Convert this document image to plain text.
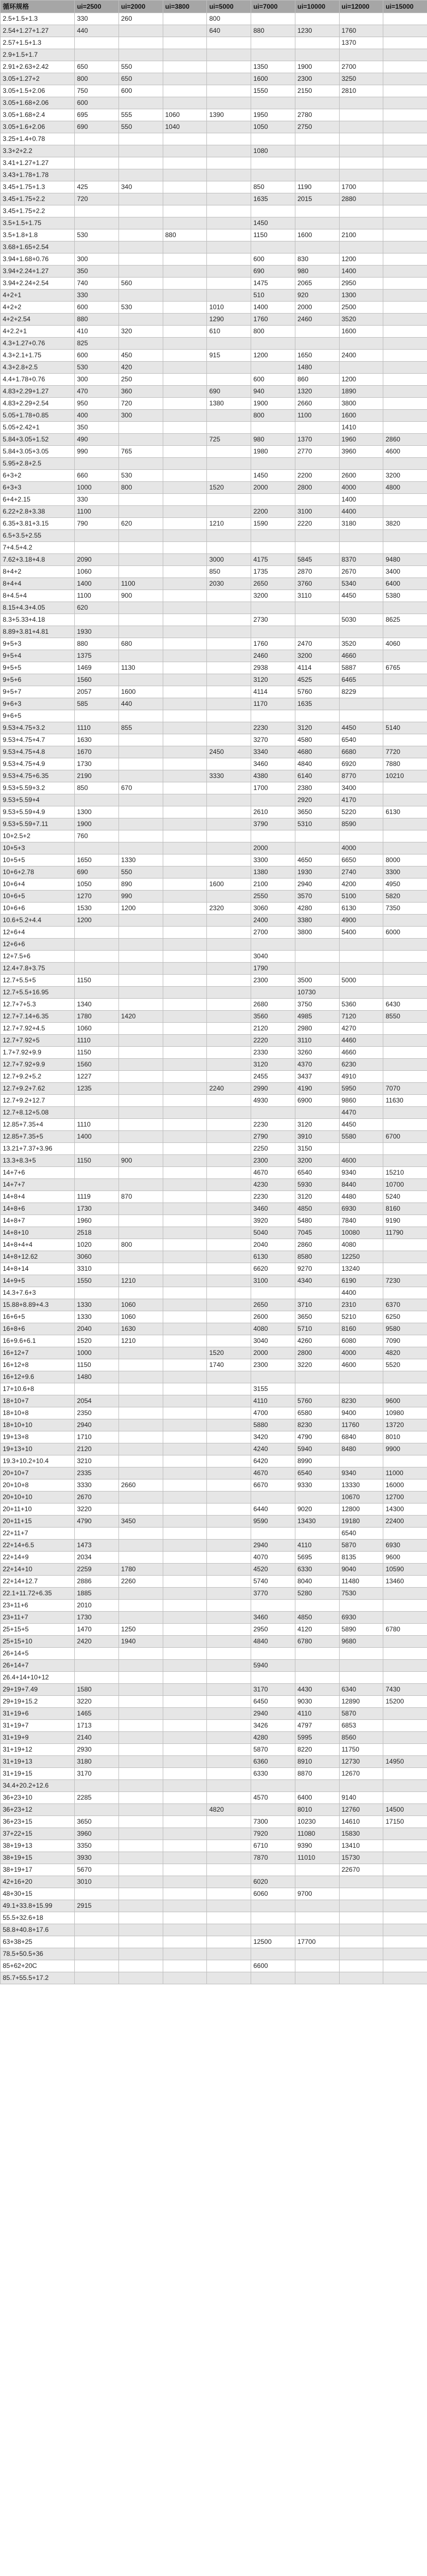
循环规格	ui=2500	ui=2000	ui=3800	ui=5000	ui=7000	ui=10000	ui=12000	ui=15000
2.5+1.5+1.3	330	260		800				
2.54+1.27+1.27	440			640	880	1230	1760	
2.57+1.5+1.3							1370	
2.9+1.5+1.7								
2.91+2.63+2.42	650	550			1350	1900	2700	
3.05+1.27+2	800	650			1600	2300	3250	
3.05+1.5+2.06	750	600			1550	2150	2810	
3.05+1.68+2.06	600							
3.05+1.68+2.4	695	555	1060	1390	1950	2780		
3.05+1.6+2.06	690	550	1040		1050	2750		
3.25+1.4+0.78								
3.3+2+2.2					1080			
3.41+1.27+1.27								
3.43+1.78+1.78								
3.45+1.75+1.3	425	340			850	1190	1700	
3.45+1.75+2.2	720				1635	2015	2880	
3.45+1.75+2.2								
3.5+1.5+1.75					1450			
3.5+1.8+1.8	530		880		1150	1600	2100	
3.68+1.65+2.54								
3.94+1.68+0.76	300				600	830	1200	
3.94+2.24+1.27	350				690	980	1400	
3.94+2.24+2.54	740	560			1475	2065	2950	
4+2+1	330				510	920	1300	
4+2+2	600	530		1010	1400	2000	2500	
4+2+2.54	880			1290	1760	2460	3520	
4+2.2+1	410	320		610	800		1600	
4.3+1.27+0.76	825							
4.3+2.1+1.75	600	450		915	1200	1650	2400	
4.3+2.8+2.5	530	420				1480		
4.4+1.78+0.76	300	250			600	860	1200	
4.83+2.29+1.27	470	360		690	940	1320	1890	
4.83+2.29+2.54	950	720		1380	1900	2660	3800	
5.05+1.78+0.85	400	300			800	1100	1600	
5.05+2.42+1	350						1410	
5.84+3.05+1.52	490			725	980	1370	1960	2860
5.84+3.05+3.05	990	765			1980	2770	3960	4600
5.95+2.8+2.5								
6+3+2	660	530			1450	2200	2600	3200
6+3+3	1000	800		1520	2000	2800	4000	4800
6+4+2.15	330						1400	
6.22+2.8+3.38	1100				2200	3100	4400	
6.35+3.81+3.15	790	620		1210	1590	2220	3180	3820
6.5+3.5+2.55								
7+4.5+4.2								
7.62+3.18+4.8	2090			3000	4175	5845	8370	9480
8+4+2	1060			850	1735	2870	2670	3400
8+4+4	1400	1100		2030	2650	3760	5340	6400
8+4.5+4	1100	900			3200	3110	4450	5380
8.15+4.3+4.05	620							
8.3+5.33+4.18					2730		5030	8625
8.89+3.81+4.81	1930							
9+5+3	880	680			1760	2470	3520	4060
9+5+4	1375				2460	3200	4660	
9+5+5	1469	1130			2938	4114	5887	6765
9+5+6	1560				3120	4525	6465	
9+5+7	2057	1600			4114	5760	8229	
9+6+3	585	440			1170	1635		
9+6+5								
9.53+4.75+3.2	1110	855			2230	3120	4450	5140
9.53+4.75+4.7	1630				3270	4580	6540	
9.53+4.75+4.8	1670			2450	3340	4680	6680	7720
9.53+4.75+4.9	1730				3460	4840	6920	7880
9.53+4.75+6.35	2190			3330	4380	6140	8770	10210
9.53+5.59+3.2	850	670			1700	2380	3400	
9.53+5.59+4						2920	4170	
9.53+5.59+4.9	1300				2610	3650	5220	6130
9.53+5.59+7.11	1900				3790	5310	8590	
10+2.5+2	760							
10+5+3					2000		4000	
10+5+5	1650	1330			3300	4650	6650	8000
10+6+2.78	690	550			1380	1930	2740	3300
10+6+4	1050	890		1600	2100	2940	4200	4950
10+6+5	1270	990			2550	3570	5100	5820
10+6+6	1530	1200		2320	3060	4280	6130	7350
10.6+5.2+4.4	1200				2400	3380	4900	
12+6+4					2700	3800	5400	6000
12+6+6								
12+7.5+6					3040			
12.4+7.8+3.75					1790			
12.7+5.5+5	1150				2300	3500	5000	
12.7+5.5+16.95						10730		
12.7+7+5.3	1340				2680	3750	5360	6430
12.7+7.14+6.35	1780	1420			3560	4985	7120	8550
12.7+7.92+4.5	1060				2120	2980	4270	
12.7+7.92+5	1110				2220	3110	4460	
1.7+7.92+9.9	1150				2330	3260	4660	
12.7+7.92+9.9	1560				3120	4370	6230	
12.7+9.2+5.2	1227				2455	3437	4910	
12.7+9.2+7.62	1235			2240	2990	4190	5950	7070
12.7+9.2+12.7					4930	6900	9860	11630
12.7+8.12+5.08							4470	
12.85+7.35+4	1110				2230	3120	4450	
12.85+7.35+5	1400				2790	3910	5580	6700
13.21+7.37+3.96					2250	3150		
13.3+8.3+5	1150	900			2300	3200	4600	
14+7+6					4670	6540	9340	15210
14+7+7					4230	5930	8440	10700
14+8+4	1119	870			2230	3120	4480	5240
14+8+6	1730				3460	4850	6930	8160
14+8+7	1960				3920	5480	7840	9190
14+8+10	2518				5040	7045	10080	11790
14+8+4+4	1020	800			2040	2860	4080	
14+8+12.62	3060				6130	8580	12250	
14+8+14	3310				6620	9270	13240	
14+9+5	1550	1210			3100	4340	6190	7230
14.3+7.6+3							4400	
15.88+8.89+4.3	1330	1060			2650	3710	2310	6370
16+6+5	1330	1060			2600	3650	5210	6250
16+8+6	2040	1630			4080	5710	8160	9580
16+9.6+6.1	1520	1210			3040	4260	6080	7090
16+12+7	1000			1520	2000	2800	4000	4820
16+12+8	1150			1740	2300	3220	4600	5520
16+12+9.6	1480							
17+10.6+8					3155			
18+10+7	2054				4110	5760	8230	9600
18+10+8	2350				4700	6580	9400	10980
18+10+10	2940				5880	8230	11760	13720
19+13+8	1710				3420	4790	6840	8010
19+13+10	2120				4240	5940	8480	9900
19.3+10.2+10.4	3210				6420	8990		
20+10+7	2335				4670	6540	9340	11000
20+10+8	3330	2660			6670	9330	13330	16000
20+10+10	2670						10670	12700
20+11+10	3220				6440	9020	12800	14300
20+11+15	4790	3450			9590	13430	19180	22400
22+11+7							6540	
22+14+6.5	1473				2940	4110	5870	6930
22+14+9	2034				4070	5695	8135	9600
22+14+10	2259	1780			4520	6330	9040	10590
22+14+12.7	2886	2260			5740	8040	11480	13460
22.1+11.72+6.35	1885				3770	5280	7530	
23+11+6	2010							
23+11+7	1730				3460	4850	6930	
25+15+5	1470	1250			2950	4120	5890	6780
25+15+10	2420	1940			4840	6780	9680	
26+14+5								
26+14+7					5940			
26.4+14+10+12								
29+19+7.49	1580				3170	4430	6340	7430
29+19+15.2	3220				6450	9030	12890	15200
31+19+6	1465				2940	4110	5870	
31+19+7	1713				3426	4797	6853	
31+19+9	2140				4280	5995	8560	
31+19+12	2930				5870	8220	11750	
31+19+13	3180				6360	8910	12730	14950
31+19+15	3170				6330	8870	12670	
34.4+20.2+12.6								
36+23+10	2285				4570	6400	9140	
36+23+12				4820		8010	12760	14500
36+23+15	3650				7300	10230	14610	17150
37+22+15	3960				7920	11080	15830	
38+19+13	3350				6710	9390	13410	
38+19+15	3930				7870	11010	15730	
38+19+17	5670						22670	
42+16+20	3010				6020			
48+30+15					6060	9700		
49.1+33.8+15.99	2915							
55.5+32.6+18								
58.8+40.8+17.6								
63+38+25					12500	17700		
78.5+50.5+36								
85+62+20C					6600			
85.7+55.5+17.2								
